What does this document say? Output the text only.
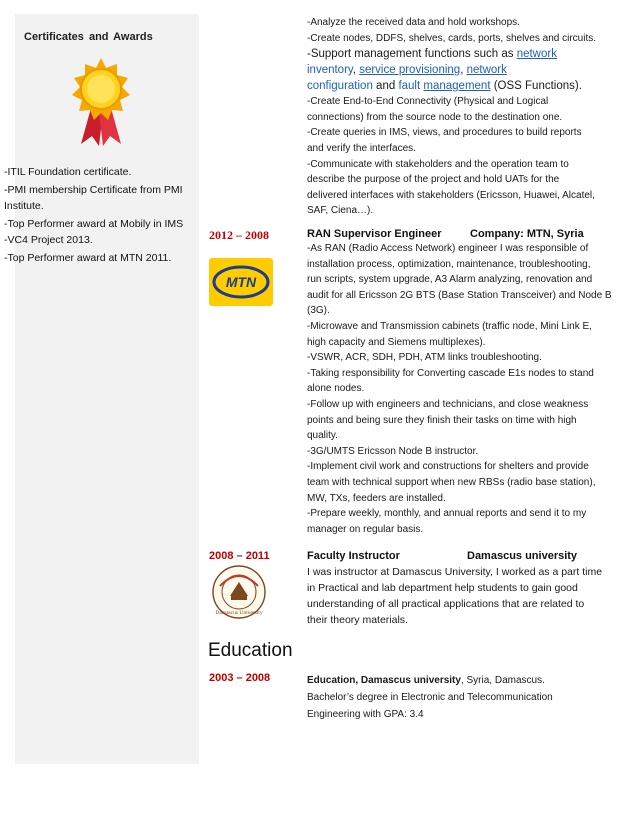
Certificates and Awards

-ITIL Foundation certificate.

-PMI membership Certificate from PMI Institute.

-Top Performer award at Mobily in IMS -VC4 Project 2013.

-Top Performer award at MTN 2011.

-Analyze the received data and hold workshops.

-Create nodes, DDFS, shelves, cards, ports, shelves and circuits.

-Support management functions such as network

inventory, service provisioning, network

configuration and fault management (OSS Functions).

-Create End-to-End Connectivity (Physical and Logical

connections) from the source node to the destination one.

-Create queries in IMS, views, and procedures to build reports

and verify the interfaces.

-Communicate with stakeholders and the operation team to

describe the purpose of the project and hold UATs for the

delivered interfaces with stakeholders (Ericsson, Huawei, Alcatel,

SAF, Ciena…).

2012 – 2008	RAN Supervisor Engineer	Company: MTN, Syria
MTN

-As RAN (Radio Access Network) engineer I was responsible of

installation process, optimization, maintenance, troubleshooting,

run scripts, system upgrade, A3 Alarm analyzing, renovation and

audit for all Ericsson 2G BTS (Base Station Transceiver) and Node B

(3G).

-Microwave and Transmission cabinets (traffic node, Mini Link E,

high capacity and Siemens multiplexes).

-VSWR, ACR, SDH, PDH, ATM links troubleshooting.

-Taking responsibility for Converting cascade E1s nodes to stand

alone nodes.

-Follow up with engineers and technicians, and close weakness

points and being sure they finish their tasks on time with high

quality.

-3G/UMTS Ericsson Node B instructor.

-Implement civil work and constructions for shelters and provide

team with technical support when new RBSs (radio base station),

MW, TXs, feeders are installed.

-Prepare weekly, monthly, and annual reports and send it to my

manager on regular basis.

2008 – 2011	Faculty Instructor	Damascus university
Damascus University

I was instructor at Damascus University, I worked as a part time

in Practical and lab department help students to gain good

understanding of all practical applications that are related to

their theory materials.

Education
2003 – 2008	Education, Damascus university, Syria, Damascus.

Bachelor’s degree in Electronic and Telecommunication

Engineering with GPA: 3.4
